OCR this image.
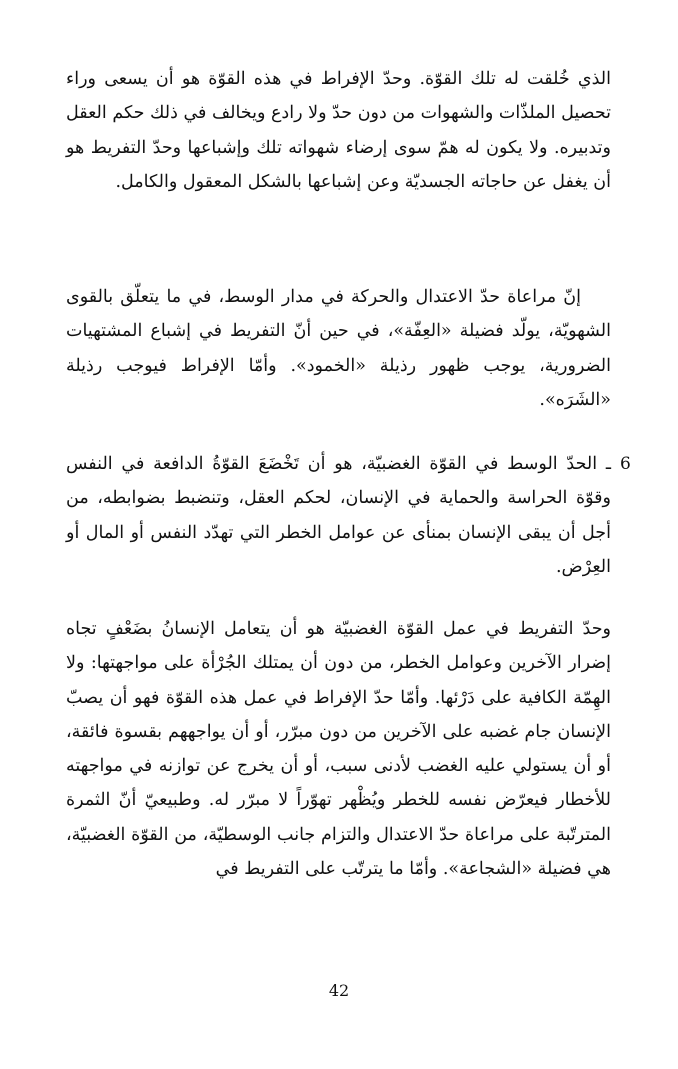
الذي خُلقت له تلك القوّة. وحدّ الإفراط في هذه القوّة هو أن يسعى وراء تحصيل الملذّات والشهوات من دون حدّ ولا رادع ويخالف في ذلك حكم العقل وتدبيره. ولا يكون له همّ سوى إرضاء شهواته تلك وإشباعها وحدّ التفريط هو أن يغفل عن حاجاته الجسديّة وعن إشباعها بالشكل المعقول والكامل.

إنّ مراعاة حدّ الاعتدال والحركة في مدار الوسط، في ما يتعلّق بالقوى الشهويّة، يولّد فضيلة «العِفّة»، في حين أنّ التفريط في إشباع المشتهيات الضرورية، يوجب ظهور رذيلة «الخمود». وأمّا الإفراط فيوجب رذيلة «الشَرَه».

6

ـ الحدّ الوسط في القوّة الغضبيّة، هو أن تَخْضَعَ القوّةُ الدافعة في النفس وقوّة الحراسة والحماية في الإنسان، لحكم العقل، وتنضبط بضوابطه، من أجل أن يبقى الإنسان بمنأى عن عوامل الخطر التي تهدّد النفس أو المال أو العِرْض.

وحدّ التفريط في عمل القوّة الغضبيّة هو أن يتعامل الإنسانُ بضَعْفٍ تجاه إضرار الآخرين وعوامل الخطر، من دون أن يمتلك الجُرْأة على مواجهتها: ولا الهِمّة الكافية على دَرْئها. وأمّا حدّ الإفراط في عمل هذه القوّة فهو أن يصبّ الإنسان جام غضبه على الآخرين من دون مبرّر، أو أن يواجههم بقسوة فائقة، أو أن يستولي عليه الغضب لأدنى سبب، أو أن يخرج عن توازنه في مواجهته للأخطار فيعرّض نفسه للخطر ويُظْهر تهوّراً لا مبرّر له. وطبيعيّ أنّ الثمرة المترتّبة على مراعاة حدّ الاعتدال والتزام جانب الوسطيّة، من القوّة الغضبيّة، هي فضيلة «الشجاعة». وأمّا ما يترتّب على التفريط في

42
